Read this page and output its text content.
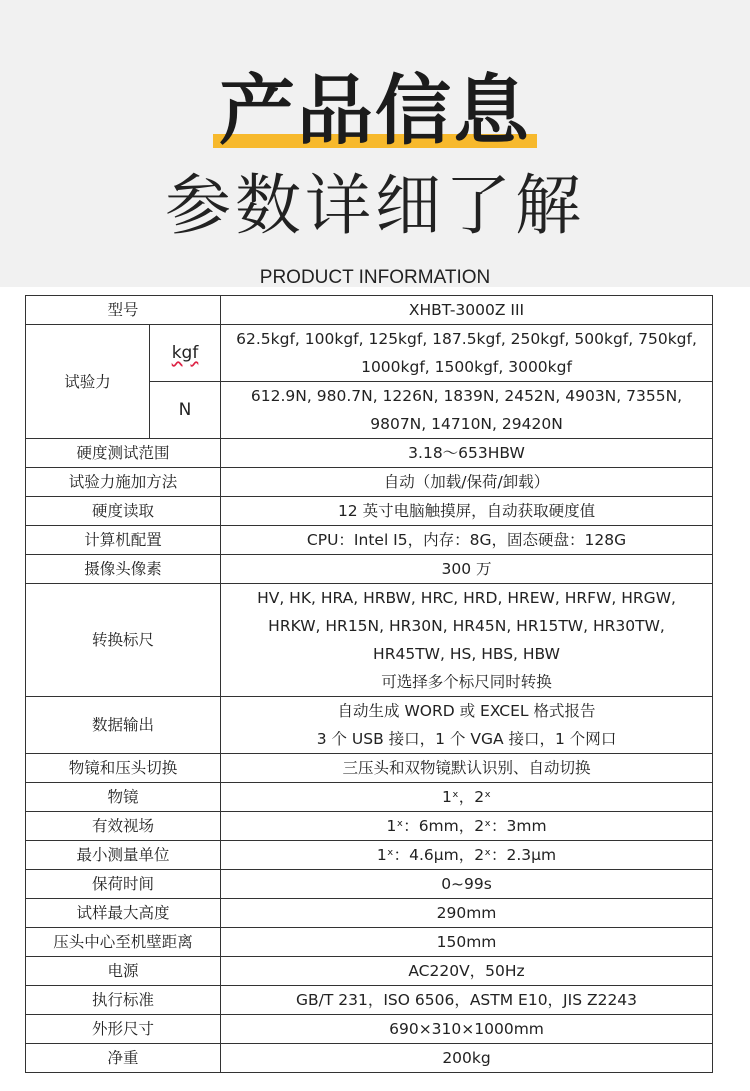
产品信息
参数详细了解
PRODUCT INFORMATION
型号		XHBT-3000Z III
试验力	kgf	62.5kgf, 100kgf, 125kgf, 187.5kgf, 250kgf, 500kgf, 750kgf,
1000kgf, 1500kgf, 3000kgf

	N	612.9N, 980.7N, 1226N, 1839N, 2452N, 4903N, 7355N,
9807N, 14710N, 29420N

硬度测试范围		3.18～653HBW
试验力施加方法		自动（加载/保荷/卸载）
硬度读取		12 英寸电脑触摸屏，自动获取硬度值
计算机配置		CPU：Intel I5，内存：8G，固态硬盘：128G
摄像头像素		300 万
转换标尺		HV, HK, HRA, HRBW, HRC, HRD, HREW, HRFW, HRGW,
HRKW, HR15N, HR30N, HR45N, HR15TW, HR30TW,
HR45TW, HS, HBS, HBW
可选择多个标尺同时转换

数据输出		自动生成 WORD 或 EXCEL 格式报告
3 个 USB 接口，1 个 VGA 接口，1 个网口

物镜和压头切换		三压头和双物镜默认识别、自动切换
物镜		1ˣ，2ˣ
有效视场		1ˣ：6mm，2ˣ：3mm
最小测量单位		1ˣ：4.6μm，2ˣ：2.3μm
保荷时间		0~99s
试样最大高度		290mm
压头中心至机壁距离		150mm
电源		AC220V，50Hz
执行标准		GB/T 231，ISO 6506，ASTM E10，JIS Z2243
外形尺寸		690×310×1000mm
净重		200kg
